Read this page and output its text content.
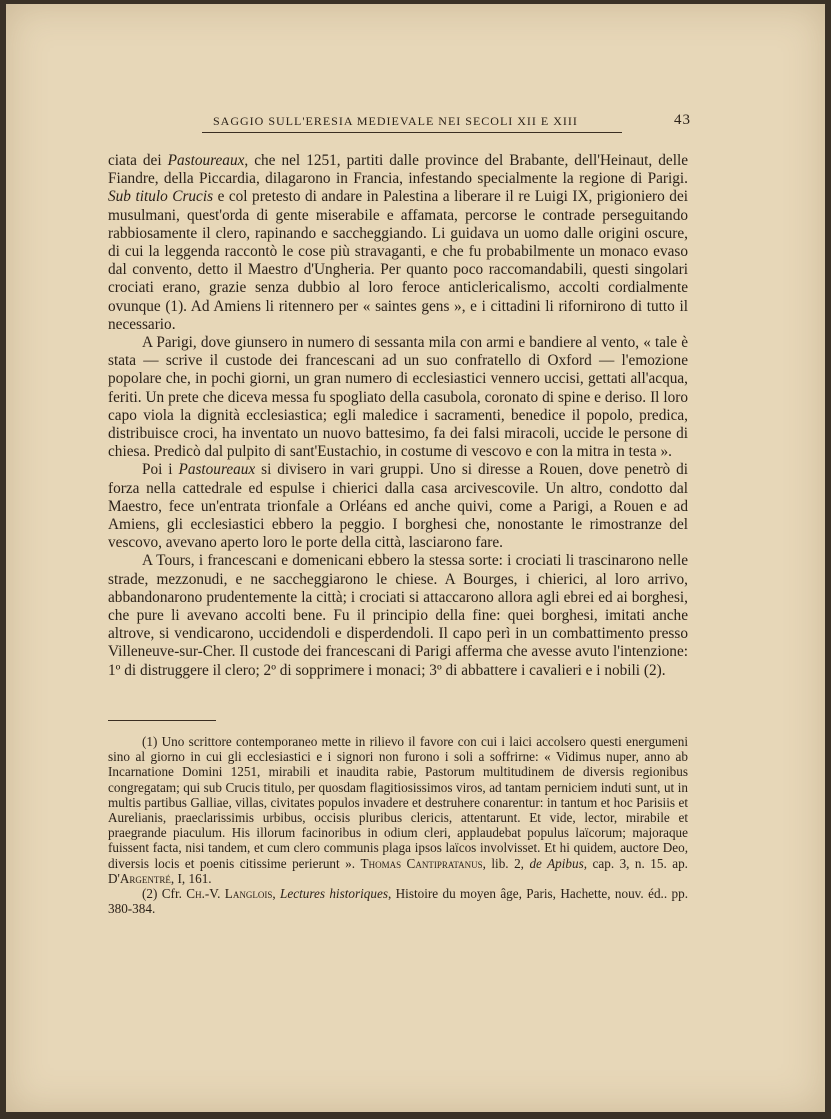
SAGGIO SULL'ERESIA MEDIEVALE NEI SECOLI XII E XIII	43

ciata dei Pastoureaux, che nel 1251, partiti dalle province del Brabante, dell'Heinaut, delle Fiandre, della Piccardia, dilagarono in Francia, infestando specialmente la regione di Parigi. Sub titulo Crucis e col pretesto di andare in Palestina a liberare il re Luigi IX, prigioniero dei musulmani, quest'orda di gente miserabile e affamata, percorse le contrade perseguitando rabbiosamente il clero, rapinando e saccheggiando. Li guidava un uomo dalle origini oscure, di cui la leggenda raccontò le cose più stravaganti, e che fu probabilmente un monaco evaso dal convento, detto il Maestro d'Ungheria. Per quanto poco raccomandabili, questi singolari crociati erano, grazie senza dubbio al loro feroce anticlericalismo, accolti cordialmente ovunque (1). Ad Amiens li ritennero per « saintes gens », e i cittadini li rifornirono di tutto il necessario.

A Parigi, dove giunsero in numero di sessanta mila con armi e bandiere al vento, « tale è stata — scrive il custode dei francescani ad un suo confratello di Oxford — l'emozione popolare che, in pochi giorni, un gran numero di ecclesiastici vennero uccisi, gettati all'acqua, feriti. Un prete che diceva messa fu spogliato della casubola, coronato di spine e deriso. Il loro capo viola la dignità ecclesiastica; egli maledice i sacramenti, benedice il popolo, predica, distribuisce croci, ha inventato un nuovo battesimo, fa dei falsi miracoli, uccide le persone di chiesa. Predicò dal pulpito di sant'Eustachio, in costume di vescovo e con la mitra in testa ».

Poi i Pastoureaux si divisero in vari gruppi. Uno si diresse a Rouen, dove penetrò di forza nella cattedrale ed espulse i chierici dalla casa arcivescovile. Un altro, condotto dal Maestro, fece un'entrata trionfale a Orléans ed anche quivi, come a Parigi, a Rouen e ad Amiens, gli ecclesiastici ebbero la peggio. I borghesi che, nonostante le rimostranze del vescovo, avevano aperto loro le porte della città, lasciarono fare.

A Tours, i francescani e domenicani ebbero la stessa sorte: i crociati li trascinarono nelle strade, mezzonudi, e ne saccheggiarono le chiese. A Bourges, i chierici, al loro arrivo, abbandonarono prudentemente la città; i crociati si attaccarono allora agli ebrei ed ai borghesi, che pure li avevano accolti bene. Fu il principio della fine: quei borghesi, imitati anche altrove, si vendicarono, uccidendoli e disperdendoli. Il capo perì in un combattimento presso Villeneuve-sur-Cher. Il custode dei francescani di Parigi afferma che avesse avuto l'intenzione: 1º di distruggere il clero; 2º di sopprimere i monaci; 3º di abbattere i cavalieri e i nobili (2).

(1) Uno scrittore contemporaneo mette in rilievo il favore con cui i laici accolsero questi energumeni sino al giorno in cui gli ecclesiastici e i signori non furono i soli a soffrirne: « Vidimus nuper, anno ab Incarnatione Domini 1251, mirabili et inaudita rabie, Pastorum multitudinem de diversis regionibus congregatam; qui sub Crucis titulo, per quosdam flagitiosissimos viros, ad tantam perniciem induti sunt, ut in multis partibus Galliae, villas, civitates populos invadere et destruhere conarentur: in tantum et hoc Parisiis et Aurelianis, praeclarissimis urbibus, occisis pluribus clericis, attentarunt. Et vide, lector, mirabile et praegrande piaculum. His illorum facinoribus in odium cleri, applaudebat populus laïcorum; majoraque fuissent facta, nisi tandem, et cum clero communis plaga ipsos laïcos involvisset. Et hi quidem, auctore Deo, diversis locis et poenis citissime perierunt ». Thomas Cantipratanus, lib. 2, de Apibus, cap. 3, n. 15. ap. D'Argentré, I, 161.

(2) Cfr. Ch.-V. Langlois, Lectures historiques, Histoire du moyen âge, Paris, Hachette, nouv. éd.. pp. 380-384.
